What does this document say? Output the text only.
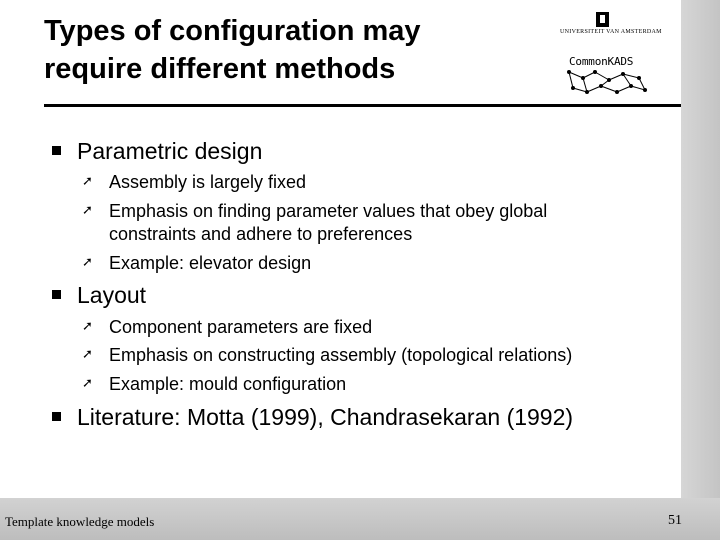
Types of configuration may
require different methods
UNIVERSITEIT VAN AMSTERDAM
CommonKADS
Parametric design
➚ Assembly is largely fixed
➚ Emphasis on finding parameter values that obey global
constraints and adhere to preferences
➚ Example: elevator design
Layout
➚ Component parameters are fixed
➚ Emphasis on constructing assembly (topological relations)
➚ Example: mould configuration
Literature: Motta (1999), Chandrasekaran (1992)
Template knowledge models	51
